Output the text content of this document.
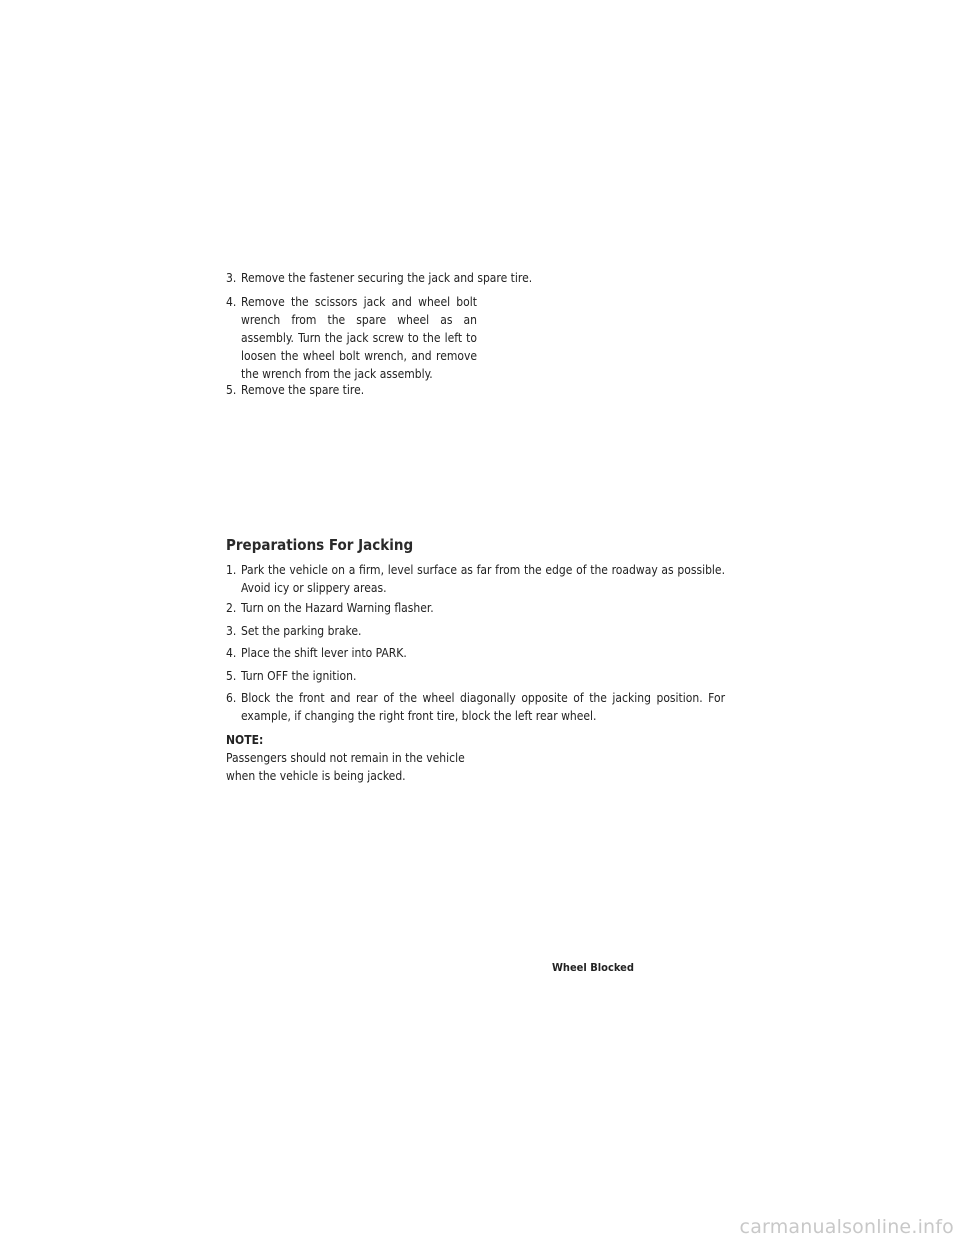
3. Remove the fastener securing the jack and spare tire.
4. Remove the scissors jack and wheel bolt wrench from the spare wheel as an assembly. Turn the jack screw to the left to loosen the wheel bolt wrench, and remove the wrench from the jack assembly.
5. Remove the spare tire.
Preparations For Jacking
1. Park the vehicle on a firm, level surface as far from the edge of the roadway as possible. Avoid icy or slippery areas.
2. Turn on the Hazard Warning flasher.
3. Set the parking brake.
4. Place the shift lever into PARK.
5. Turn OFF the ignition.
6. Block the front and rear of the wheel diagonally opposite of the jacking position. For example, if changing the right front tire, block the left rear wheel.

NOTE:

Passengers should not remain in the vehicle when the vehicle is being jacked.

Wheel Blocked

carmanualsonline.info
